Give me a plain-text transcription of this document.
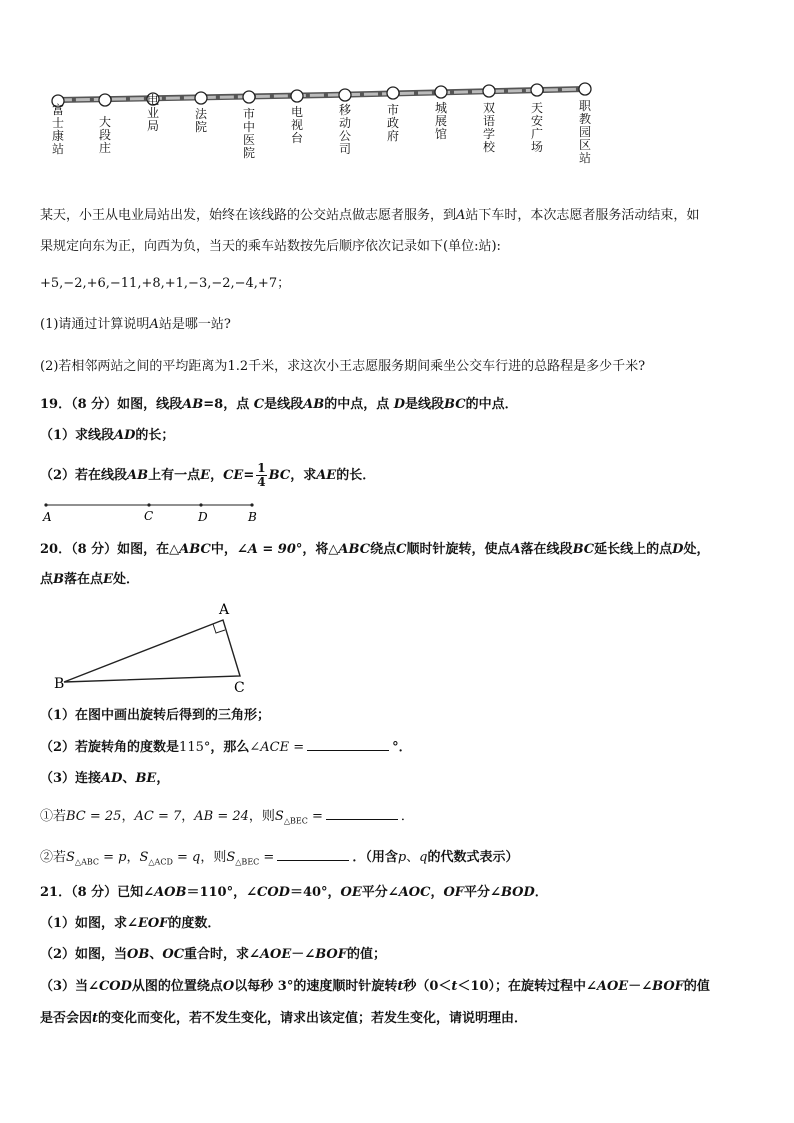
富
士
康
站
大
段
庄
电
业
局
法
院
市
中
医
院
电
视
台
移
动
公
司
市
政
府
城
展
馆
双
语
学
校
天
安
广
场
职
教
园
区
站
某天，小王从电业局站出发，始终在该线路的公交站点做志愿者服务，到A站下车时，本次志愿者服务活动结束，如
果规定向东为正，向西为负，当天的乘车站数按先后顺序依次记录如下(单位:站):
+5,−2,+6,−11,+8,+1,−3,−2,−4,+7；
(1)请通过计算说明A站是哪一站?
(2)若相邻两站之间的平均距离为1.2千米，求这次小王志愿服务期间乘坐公交车行进的总路程是多少千米?
19．（8 分）如图，线段AB=8，点 C是线段AB的中点，点 D是线段BC的中点．
（1）求线段AD的长；
（2）若在线段AB上有一点E，$CE= \frac{1}{4}$ BC，求AE的长．
A	C	D	B
20．（8 分）如图，在△ABC中，∠A = 90°，将△ABC绕点C顺时针旋转，使点A落在线段BC延长线上的点D处，
点B落在点E处．
A
B	C
（1）在图中画出旋转后得到的三角形；
（2）若旋转角的度数是115°，那么∠ACE =	°．
（3）连接AD、BE，
①若BC = 25，AC = 7，AB = 24，则$S_{\triangle BEC}$ =	．
②若$S_{\triangle ABC} = p$，$S_{\triangle ACD} = q$，则$S_{\triangle BEC}$ =	．（用含p、q的代数式表示）
21．（8 分）已知∠AOB＝110°，∠COD＝40°，OE平分∠AOC，OF平分∠BOD．
（1）如图，求∠EOF的度数．
（2）如图，当OB、OC重合时，求∠AOE－∠BOF的值；
（3）当∠COD从图的位置绕点O以每秒 3°的速度顺时针旋转t秒（0＜t＜10）；在旋转过程中∠AOE－∠BOF的值
是否会因t的变化而变化，若不发生变化，请求出该定值；若发生变化，请说明理由．
